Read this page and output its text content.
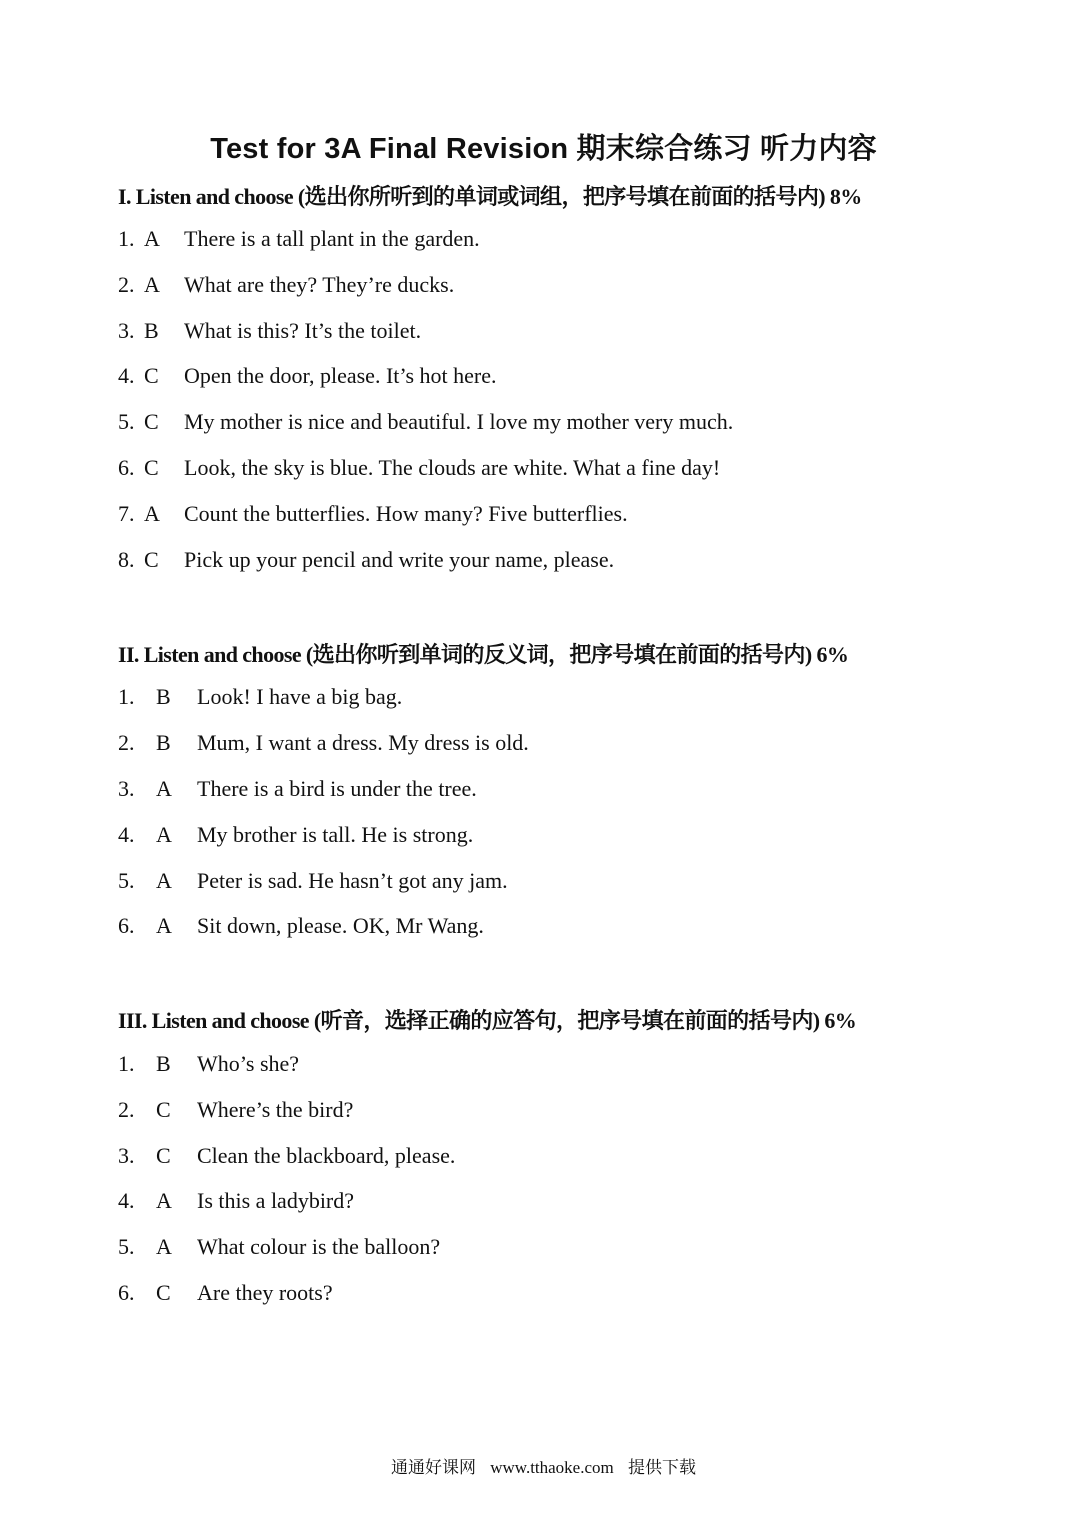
Test for 3A Final Revision 期末综合练习 听力内容
I. Listen and choose (选出你所听到的单词或词组，把序号填在前面的括号内) 8%
1. A There is a tall plant in the garden.
2. A What are they? They’re ducks.
3. B What is this? It’s the toilet.
4. C Open the door, please. It’s hot here.
5. C My mother is nice and beautiful. I love my mother very much.
6. C Look, the sky is blue. The clouds are white. What a fine day!
7. A Count the butterflies. How many? Five butterflies.
8. C Pick up your pencil and write your name, please.
II. Listen and choose (选出你听到单词的反义词，把序号填在前面的括号内) 6%
1. B Look! I have a big bag.
2. B Mum, I want a dress. My dress is old.
3. A There is a bird is under the tree.
4. A My brother is tall. He is strong.
5. A Peter is sad. He hasn’t got any jam.
6. A Sit down, please. OK, Mr Wang.
III. Listen and choose (听音，选择正确的应答句，把序号填在前面的括号内) 6%
1. B Who’s she?
2. C Where’s the bird?
3. C Clean the blackboard, please.
4. A Is this a ladybird?
5. A What colour is the balloon?
6. C Are they roots?
通通好课网 www.tthaoke.com 提供下载
